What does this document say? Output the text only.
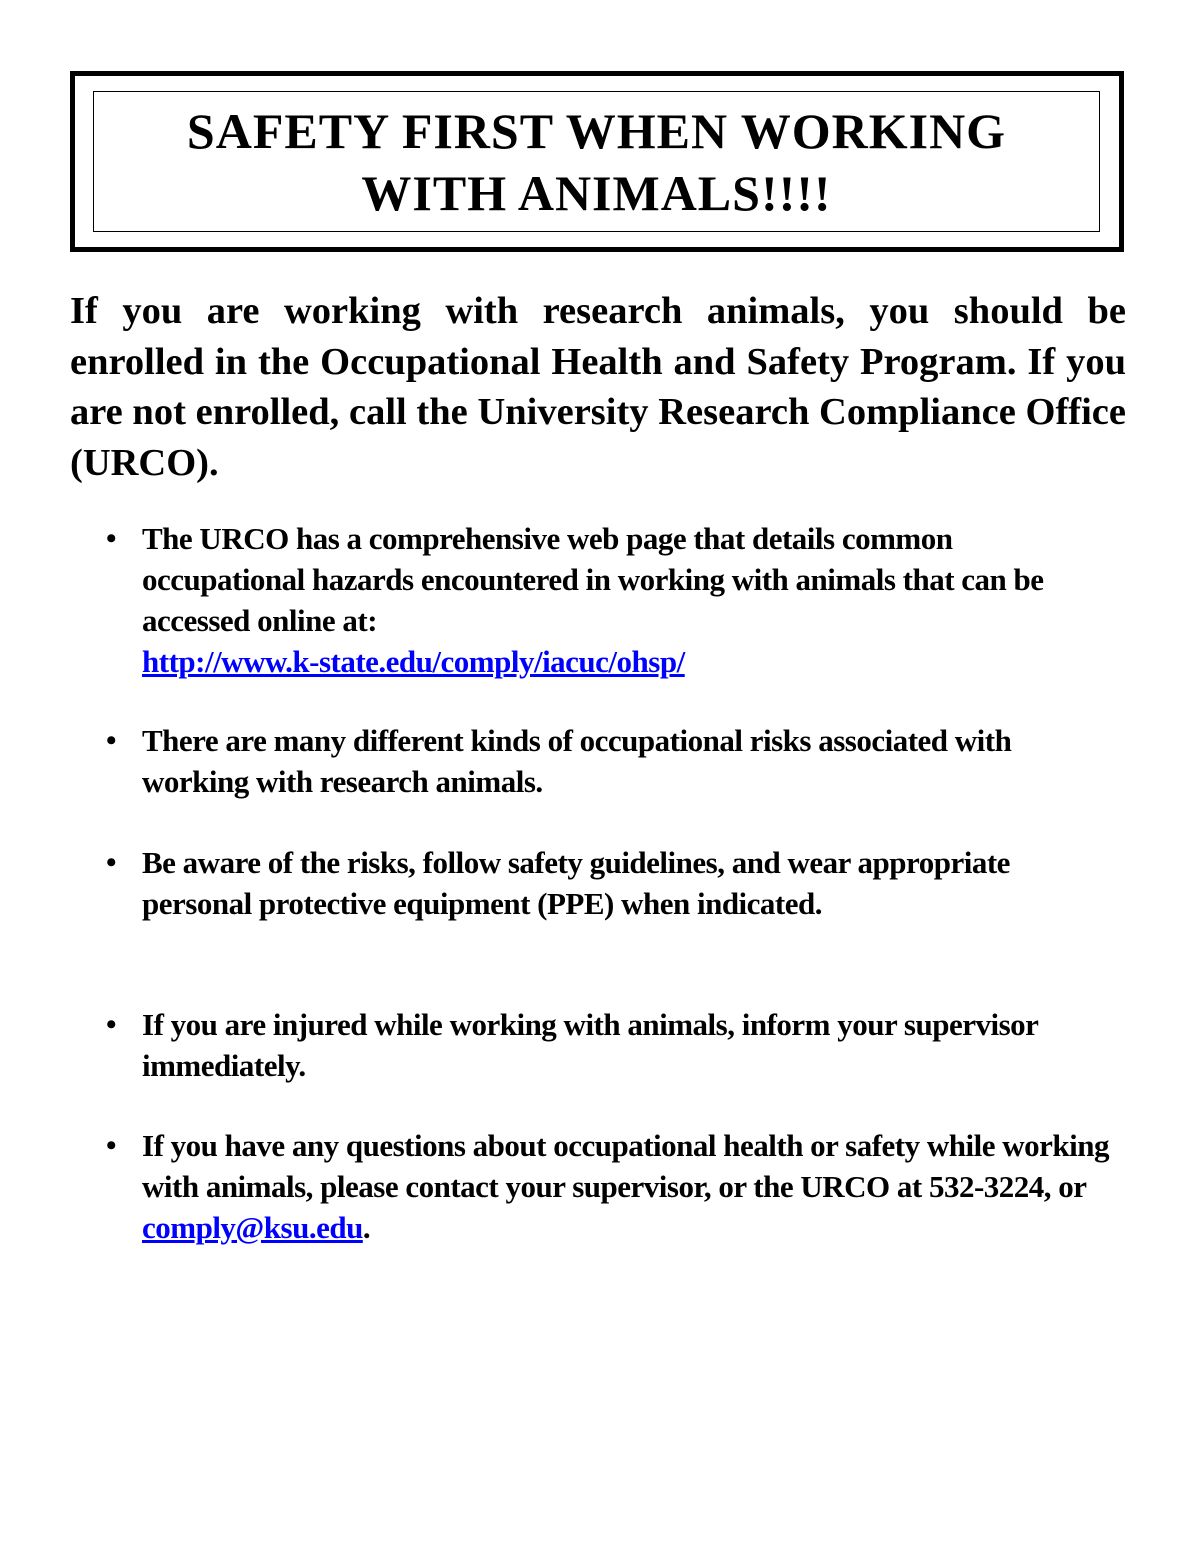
SAFETY FIRST WHEN WORKING
WITH ANIMALS!!!!

If you are working with research animals, you should be enrolled in the Occupational Health and Safety Program. If you are not enrolled, call the University Research Compliance Office (URCO).

• The URCO has a comprehensive web page that details common occupational hazards encountered in working with animals that can be accessed online at:
http://www.k-state.edu/comply/iacuc/ohsp/
• There are many different kinds of occupational risks associated with working with research animals.
• Be aware of the risks, follow safety guidelines, and wear appropriate personal protective equipment (PPE) when indicated.
• If you are injured while working with animals, inform your supervisor immediately.
• If you have any questions about occupational health or safety while working with animals, please contact your supervisor, or the URCO at 532-3224, or comply@ksu.edu.
